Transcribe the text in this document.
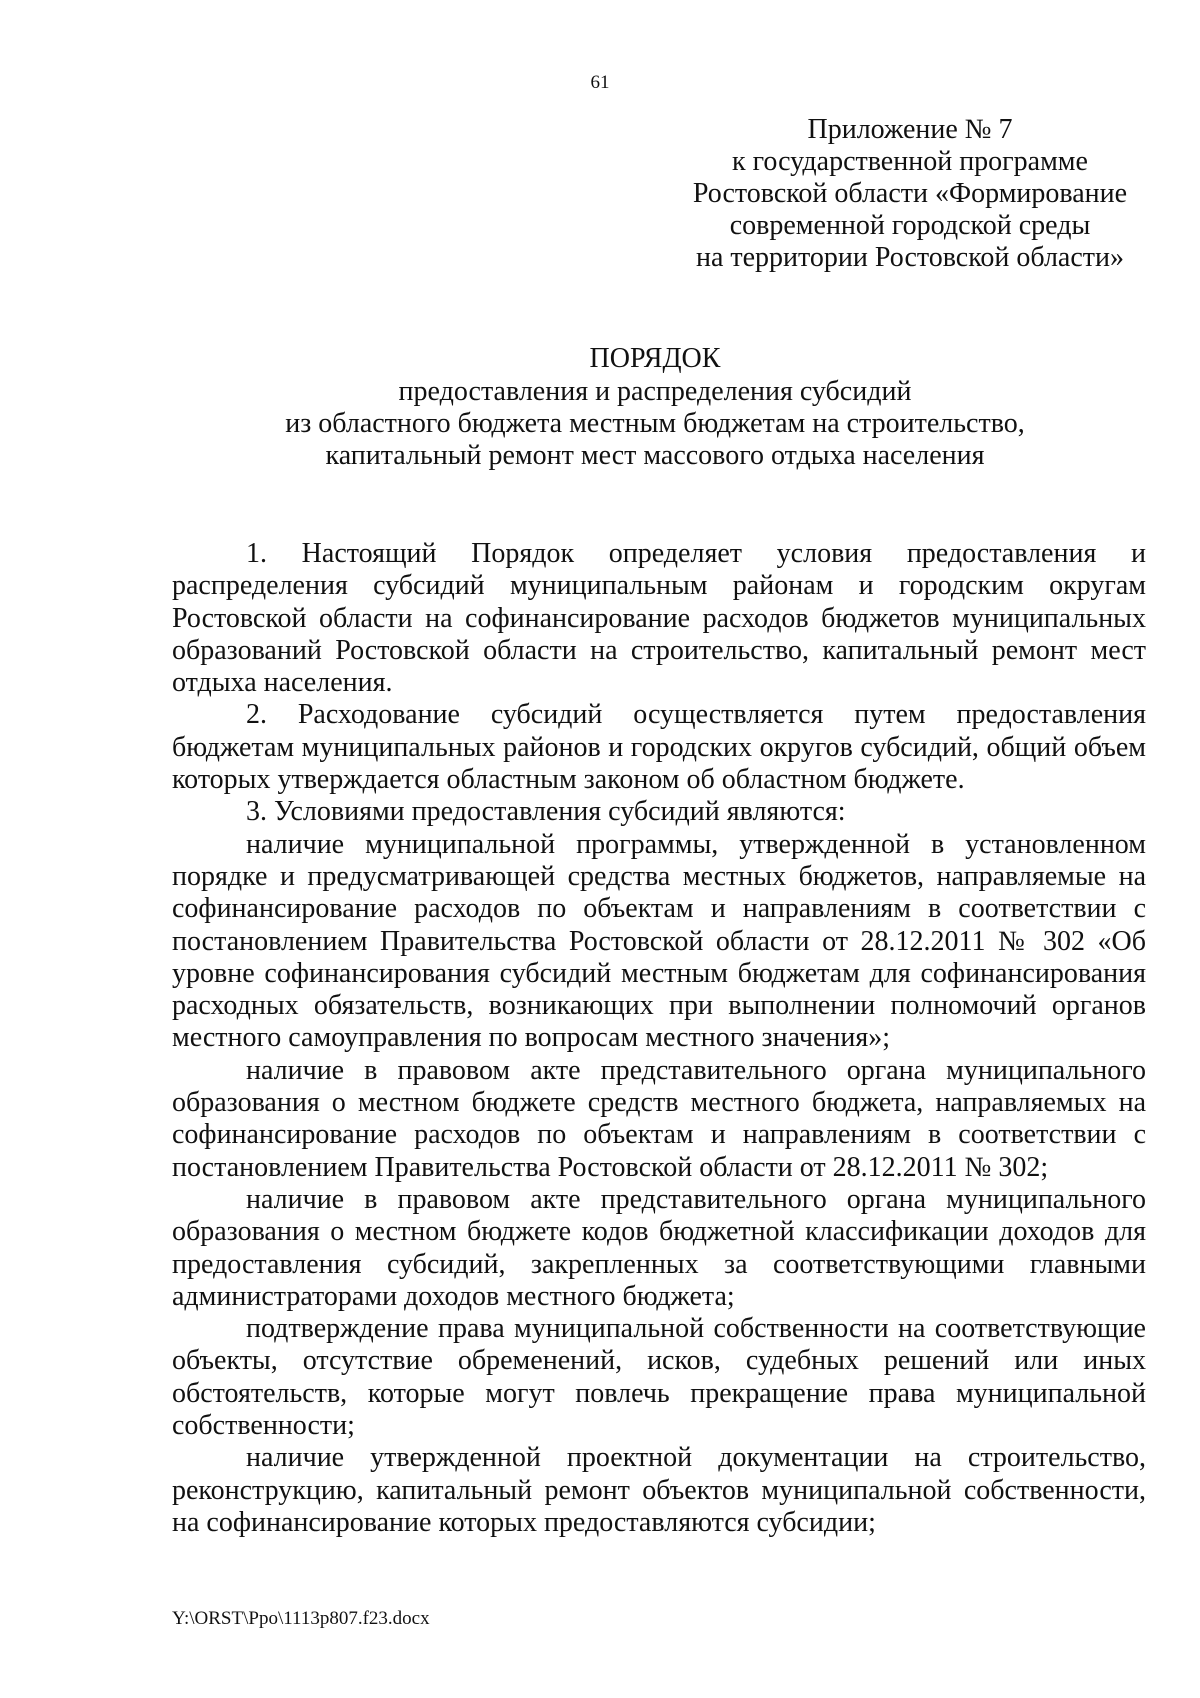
61
Приложение № 7
к государственной программе
Ростовской области «Формирование
современной городской среды
на территории Ростовской области»
ПОРЯДОК
предоставления и распределения субсидий
из областного бюджета местным бюджетам на строительство,
капитальный ремонт мест массового отдыха населения

1. Настоящий Порядок определяет условия предоставления и распределения субсидий муниципальным районам и городским округам Ростовской области на софинансирование расходов бюджетов муниципальных образований Ростовской области на строительство, капитальный ремонт мест отдыха населения.

2. Расходование субсидий осуществляется путем предоставления бюджетам муниципальных районов и городских округов субсидий, общий объем которых утверждается областным законом об областном бюджете.

3. Условиями предоставления субсидий являются:

наличие муниципальной программы, утвержденной в установленном порядке и предусматривающей средства местных бюджетов, направляемые на софинансирование расходов по объектам и направлениям в соответствии с постановлением Правительства Ростовской области от 28.12.2011 № 302 «Об уровне софинансирования субсидий местным бюджетам для софинансирования расходных обязательств, возникающих при выполнении полномочий органов местного самоуправления по вопросам местного значения»;

наличие в правовом акте представительного органа муниципального образования о местном бюджете средств местного бюджета, направляемых на софинансирование расходов по объектам и направлениям в соответствии с постановлением Правительства Ростовской области от 28.12.2011 № 302;

наличие в правовом акте представительного органа муниципального образования о местном бюджете кодов бюджетной классификации доходов для предоставления субсидий, закрепленных за соответствующими главными администраторами доходов местного бюджета;

подтверждение права муниципальной собственности на соответствующие объекты, отсутствие обременений, исков, судебных решений или иных обстоятельств, которые могут повлечь прекращение права муниципальной собственности;

наличие утвержденной проектной документации на строительство, реконструкцию, капитальный ремонт объектов муниципальной собственности, на софинансирование которых предоставляются субсидии;

Y:\ORST\Ppo\1113p807.f23.docx
